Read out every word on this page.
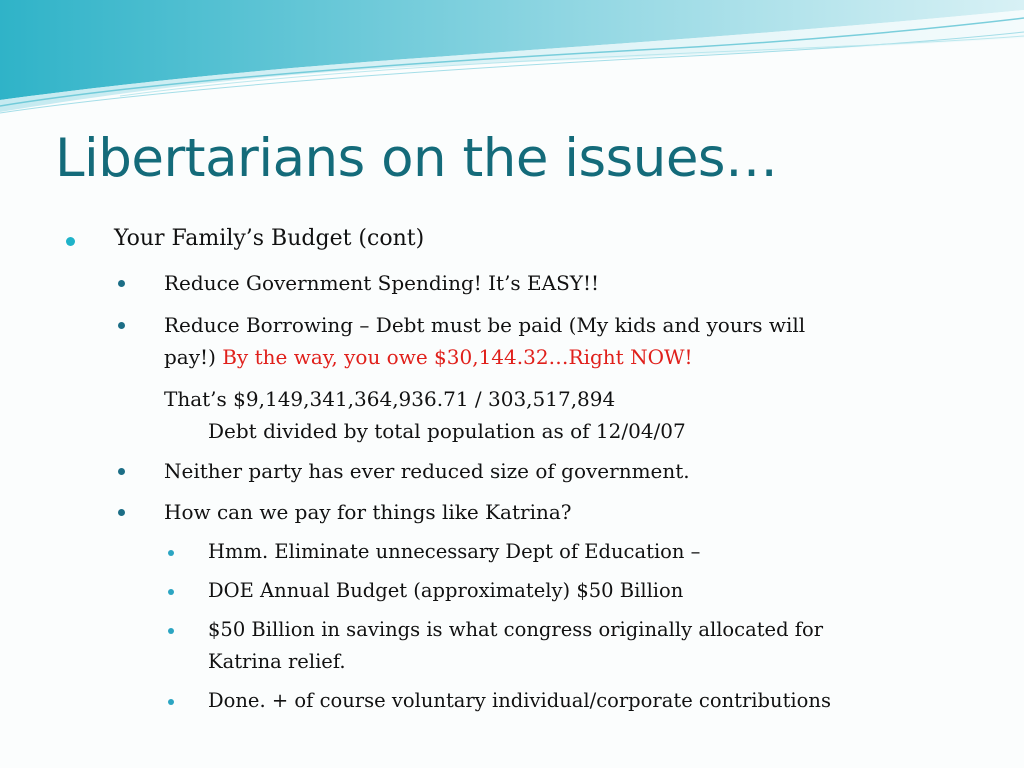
Libertarians on the issues…
Your Family’s Budget (cont)
Reduce Government Spending! It’s EASY!!
Reduce Borrowing – Debt must be paid (My kids and yours will
pay!) By the way, you owe $30,144.32…Right NOW!
That’s $9,149,341,364,936.71 / 303,517,894
Debt divided by total population as of 12/04/07
Neither party has ever reduced size of government.
How can we pay for things like Katrina?
Hmm. Eliminate unnecessary Dept of Education –
DOE Annual Budget (approximately) $50 Billion
$50 Billion in savings is what congress originally allocated for
Katrina relief.
Done. + of course voluntary individual/corporate contributions
